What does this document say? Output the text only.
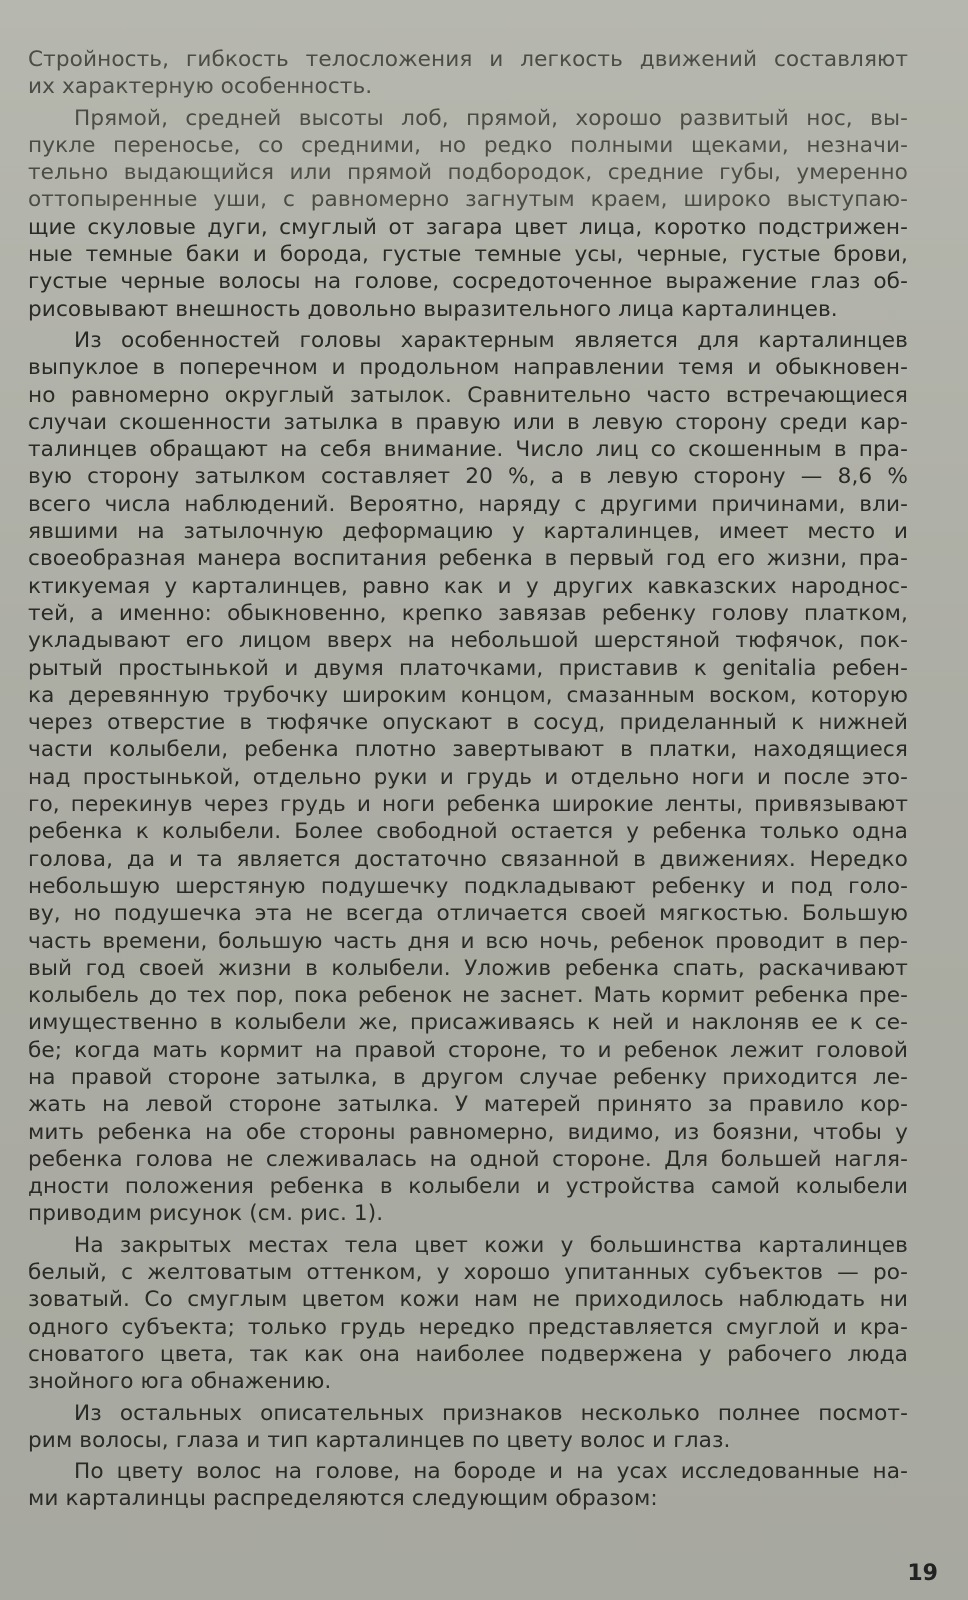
Стройность, гибкость телосложения и легкость движений составляют
их характерную особенность.
Прямой, средней высоты лоб, прямой, хорошо развитый нос, вы-
пукле переносье, со средними, но редко полными щеками, незначи-
тельно выдающийся или прямой подбородок, средние губы, умеренно
оттопыренные уши, с равномерно загнутым краем, широко выступаю-
щие скуловые дуги, смуглый от загара цвет лица, коротко подстрижен-
ные темные баки и борода, густые темные усы, черные, густые брови,
густые черные волосы на голове, сосредоточенное выражение глаз об-
рисовывают внешность довольно выразительного лица карталинцев.
Из особенностей головы характерным является для карталинцев
выпуклое в поперечном и продольном направлении темя и обыкновен-
но равномерно округлый затылок. Сравнительно часто встречающиеся
случаи скошенности затылка в правую или в левую сторону среди кар-
талинцев обращают на себя внимание. Число лиц со скошенным в пра-
вую сторону затылком составляет 20 %, а в левую сторону — 8,6 %
всего числа наблюдений. Вероятно, наряду с другими причинами, вли-
явшими на затылочную деформацию у карталинцев, имеет место и
своеобразная манера воспитания ребенка в первый год его жизни, пра-
ктикуемая у карталинцев, равно как и у других кавказских народнос-
тей, а именно: обыкновенно, крепко завязав ребенку голову платком,
укладывают его лицом вверх на небольшой шерстяной тюфячок, пок-
рытый простынькой и двумя платочками, приставив к genitalia ребен-
ка деревянную трубочку широким концом, смазанным воском, которую
через отверстие в тюфячке опускают в сосуд, приделанный к нижней
части колыбели, ребенка плотно завертывают в платки, находящиеся
над простынькой, отдельно руки и грудь и отдельно ноги и после это-
го, перекинув через грудь и ноги ребенка широкие ленты, привязывают
ребенка к колыбели. Более свободной остается у ребенка только одна
голова, да и та является достаточно связанной в движениях. Нередко
небольшую шерстяную подушечку подкладывают ребенку и под голо-
ву, но подушечка эта не всегда отличается своей мягкостью. Большую
часть времени, большую часть дня и всю ночь, ребенок проводит в пер-
вый год своей жизни в колыбели. Уложив ребенка спать, раскачивают
колыбель до тех пор, пока ребенок не заснет. Мать кормит ребенка пре-
имущественно в колыбели же, присаживаясь к ней и наклоняв ее к се-
бе; когда мать кормит на правой стороне, то и ребенок лежит головой
на правой стороне затылка, в другом случае ребенку приходится ле-
жать на левой стороне затылка. У матерей принято за правило кор-
мить ребенка на обе стороны равномерно, видимо, из боязни, чтобы у
ребенка голова не слеживалась на одной стороне. Для большей нагля-
дности положения ребенка в колыбели и устройства самой колыбели
приводим рисунок (см. рис. 1).
На закрытых местах тела цвет кожи у большинства карталинцев
белый, с желтоватым оттенком, у хорошо упитанных субъектов — ро-
зоватый. Со смуглым цветом кожи нам не приходилось наблюдать ни
одного субъекта; только грудь нередко представляется смуглой и кра-
сноватого цвета, так как она наиболее подвержена у рабочего люда
знойного юга обнажению.
Из остальных описательных признаков несколько полнее посмот-
рим волосы, глаза и тип карталинцев по цвету волос и глаз.
По цвету волос на голове, на бороде и на усах исследованные на-
ми карталинцы распределяются следующим образом:
19
